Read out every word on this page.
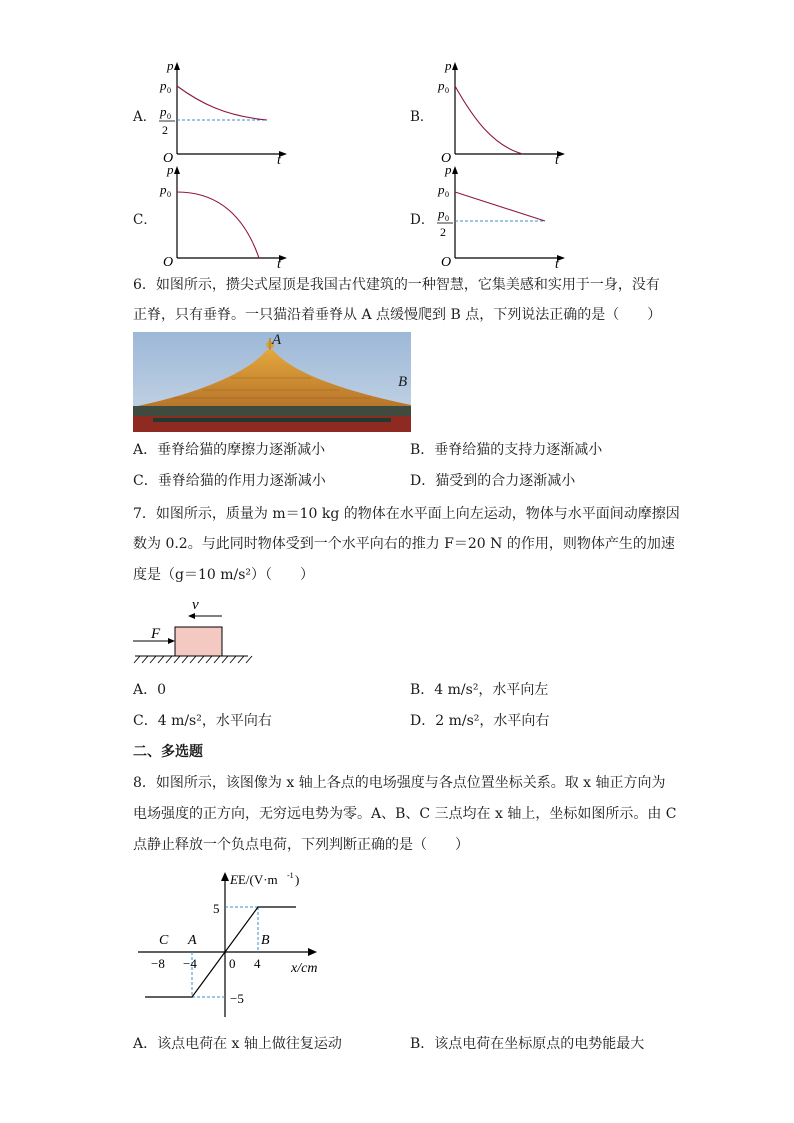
A．
p
p 0
p 0
2
O	t
B．
p
p 0
O	t
C．
p
p 0
O	t
D．
p
p 0
p 0
2
O	t
6．如图所示，攒尖式屋顶是我国古代建筑的一种智慧，它集美感和实用于一身，没有
正脊，只有垂脊。一只猫沿着垂脊从 A 点缓慢爬到 B 点，下列说法正确的是（　　）
A
B
A．垂脊给猫的摩擦力逐渐减小	B．垂脊给猫的支持力逐渐减小
C．垂脊给猫的作用力逐渐减小	D．猫受到的合力逐渐减小
7．如图所示，质量为 m＝10 kg 的物体在水平面上向左运动，物体与水平面间动摩擦因
数为 0.2。与此同时物体受到一个水平向右的推力 F＝20 N 的作用，则物体产生的加速
度是（g＝10 m/s²）（　　）
v
F
A．0	B．4 m/s²，水平向左
C．4 m/s²，水平向右	D．2 m/s²，水平向右
二、多选题
8．如图所示，该图像为 x 轴上各点的电场强度与各点位置坐标关系。取 x 轴正方向为
电场强度的正方向，无穷远电势为零。A、B、C 三点均在 x 轴上，坐标如图所示。由 C
点静止释放一个负点电荷，下列判断正确的是（　　）
EE/(V·m -1 )
x/cm
−8 −4 0 4
5
−5
C A	B
A．该点电荷在 x 轴上做往复运动	B．该点电荷在坐标原点的电势能最大
